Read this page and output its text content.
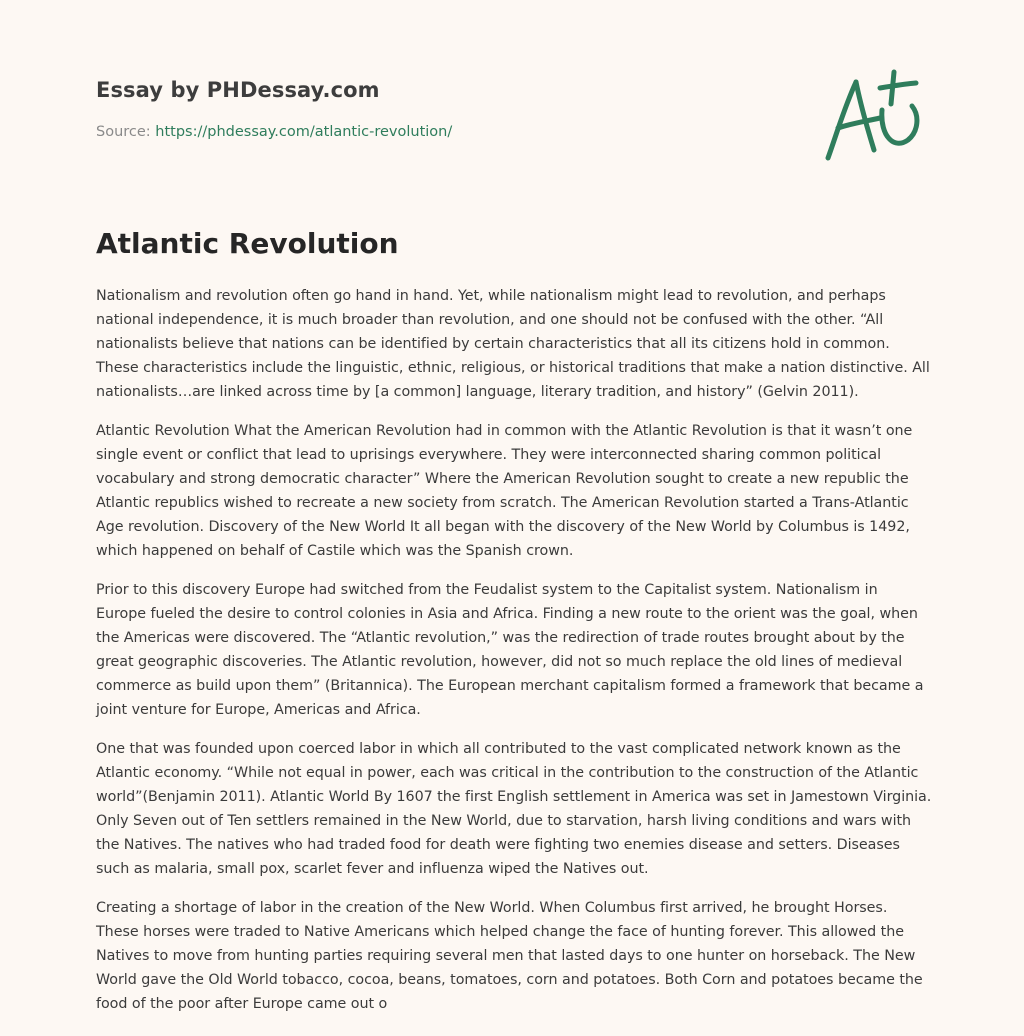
Essay by PHDessay.com
Source: https://phdessay.com/atlantic-revolution/
Atlantic Revolution

Nationalism and revolution often go hand in hand. Yet, while nationalism might lead to revolution, and perhaps national independence, it is much broader than revolution, and one should not be confused with the other. “All nationalists believe that nations can be identified by certain characteristics that all its citizens hold in common. These characteristics include the linguistic, ethnic, religious, or historical traditions that make a nation distinctive. All nationalists…are linked across time by [a common] language, literary tradition, and history” (Gelvin 2011).

Atlantic Revolution What the American Revolution had in common with the Atlantic Revolution is that it wasn’t one single event or conflict that lead to uprisings everywhere. They were interconnected sharing common political vocabulary and strong democratic character” Where the American Revolution sought to create a new republic the Atlantic republics wished to recreate a new society from scratch. The American Revolution started a Trans-Atlantic Age revolution. Discovery of the New World It all began with the discovery of the New World by Columbus is 1492, which happened on behalf of Castile which was the Spanish crown.

Prior to this discovery Europe had switched from the Feudalist system to the Capitalist system. Nationalism in Europe fueled the desire to control colonies in Asia and Africa. Finding a new route to the orient was the goal, when the Americas were discovered. The “Atlantic revolution,” was the redirection of trade routes brought about by the great geographic discoveries. The Atlantic revolution, however, did not so much replace the old lines of medieval commerce as build upon them” (Britannica). The European merchant capitalism formed a framework that became a joint venture for Europe, Americas and Africa.

One that was founded upon coerced labor in which all contributed to the vast complicated network known as the Atlantic economy. “While not equal in power, each was critical in the contribution to the construction of the Atlantic world”(Benjamin 2011). Atlantic World By 1607 the first English settlement in America was set in Jamestown Virginia. Only Seven out of Ten settlers remained in the New World, due to starvation, harsh living conditions and wars with the Natives. The natives who had traded food for death were fighting two enemies disease and setters. Diseases such as malaria, small pox, scarlet fever and influenza wiped the Natives out.

Creating a shortage of labor in the creation of the New World. When Columbus first arrived, he brought Horses. These horses were traded to Native Americans which helped change the face of hunting forever. This allowed the Natives to move from hunting parties requiring several men that lasted days to one hunter on horseback. The New World gave the Old World tobacco, cocoa, beans, tomatoes, corn and potatoes. Both Corn and potatoes became the food of the poor after Europe came out o
